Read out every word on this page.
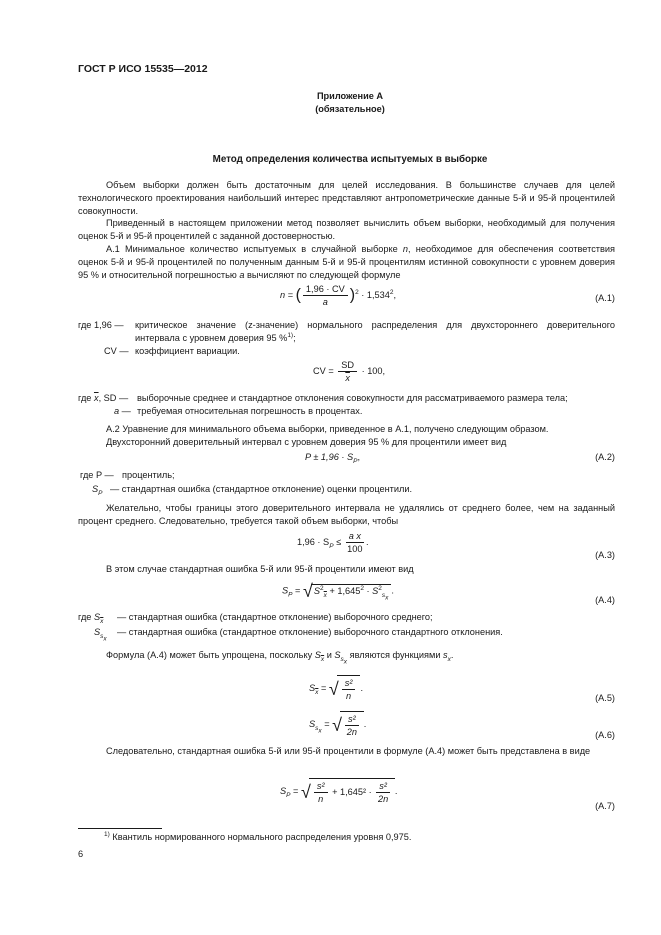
ГОСТ Р ИСО 15535—2012
Приложение А
(обязательное)
Метод определения количества испытуемых в выборке
Объем выборки должен быть достаточным для целей исследования. В большинстве случаев для целей технологического проектирования наибольший интерес представляют антропометрические данные 5-й и 95-й процентилей совокупности.
Приведенный в настоящем приложении метод позволяет вычислить объем выборки, необходимый для получения оценок 5-й и 95-й процентилей с заданной достоверностью.
А.1 Минимальное количество испытуемых в случайной выборке n, необходимое для обеспечения соответствия оценок 5-й и 95-й процентилей по полученным данным 5-й и 95-й процентилям истинной совокупности с уровнем доверия 95 % и относительной погрешностью a вычисляют по следующей формуле
n = ( $\frac{1,96 \cdot CV}{a} )^2 \cdot 1,534^2$,	(А.1)
где 1,96 — критическое значение (z-значение) нормального распределения для двухстороннего доверительного интервала с уровнем доверия 95 %$^{1)}$;
CV — коэффициент вариации.
CV = $\frac{SD}{x} \cdot 100$,
где $\overline{x}$, SD — выборочные среднее и стандартное отклонения совокупности для рассматриваемого размера тела;
a — требуемая относительная погрешность в процентах.
А.2 Уравнение для минимального объема выборки, приведенное в А.1, получено следующим образом.
Двухсторонний доверительный интервал с уровнем доверия 95 % для процентили имеет вид
$P \pm 1,96 \cdot S_P$,	(А.2)
где P — процентиль;
$S_P$ — стандартная ошибка (стандартное отклонение) оценки процентили.
Желательно, чтобы границы этого доверительного интервала не удалялись от среднего более, чем на заданный процент среднего. Следовательно, требуется такой объем выборки, чтобы
$1,96 \cdot S_P \le \frac{\text{a x}}{100}$ .
(А.3)
В этом случае стандартная ошибка 5-й или 95-й процентили имеют вид
$S_P = √S^2_{\overline{x}} + 1,645^2 \cdot S^2_{s_x}$.
(А.4)
где $S_{\overline{x}}$ — стандартная ошибка (стандартное отклонение) выборочного среднего;
$S_{s_x}$
— стандартная ошибка (стандартное отклонение) выборочного стандартного отклонения.
Формула (А.4) может быть упрощена, поскольку $S_{\overline{x}}$ и $S_{s_x}$ являются функциями $s_x$.
$S_{\overline{x}}$ = √ $\frac{\text{s²}}{n}$ .
(А.5)
$S_{s_x}$ = √ $\frac{\text{s²}}{2n}$ .
(А.6)
Следовательно, стандартная ошибка 5-й или 95-й процентили в формуле (А.4) может быть представлена в виде
$S_P$ = √ $\frac{\text{s²}}{n} + 1,645^2 \cdot \frac{\text{s²}}{2n}$ .
(А.7)
$^{1)}$ Квантиль нормированного нормального распределения уровня 0,975.
6
